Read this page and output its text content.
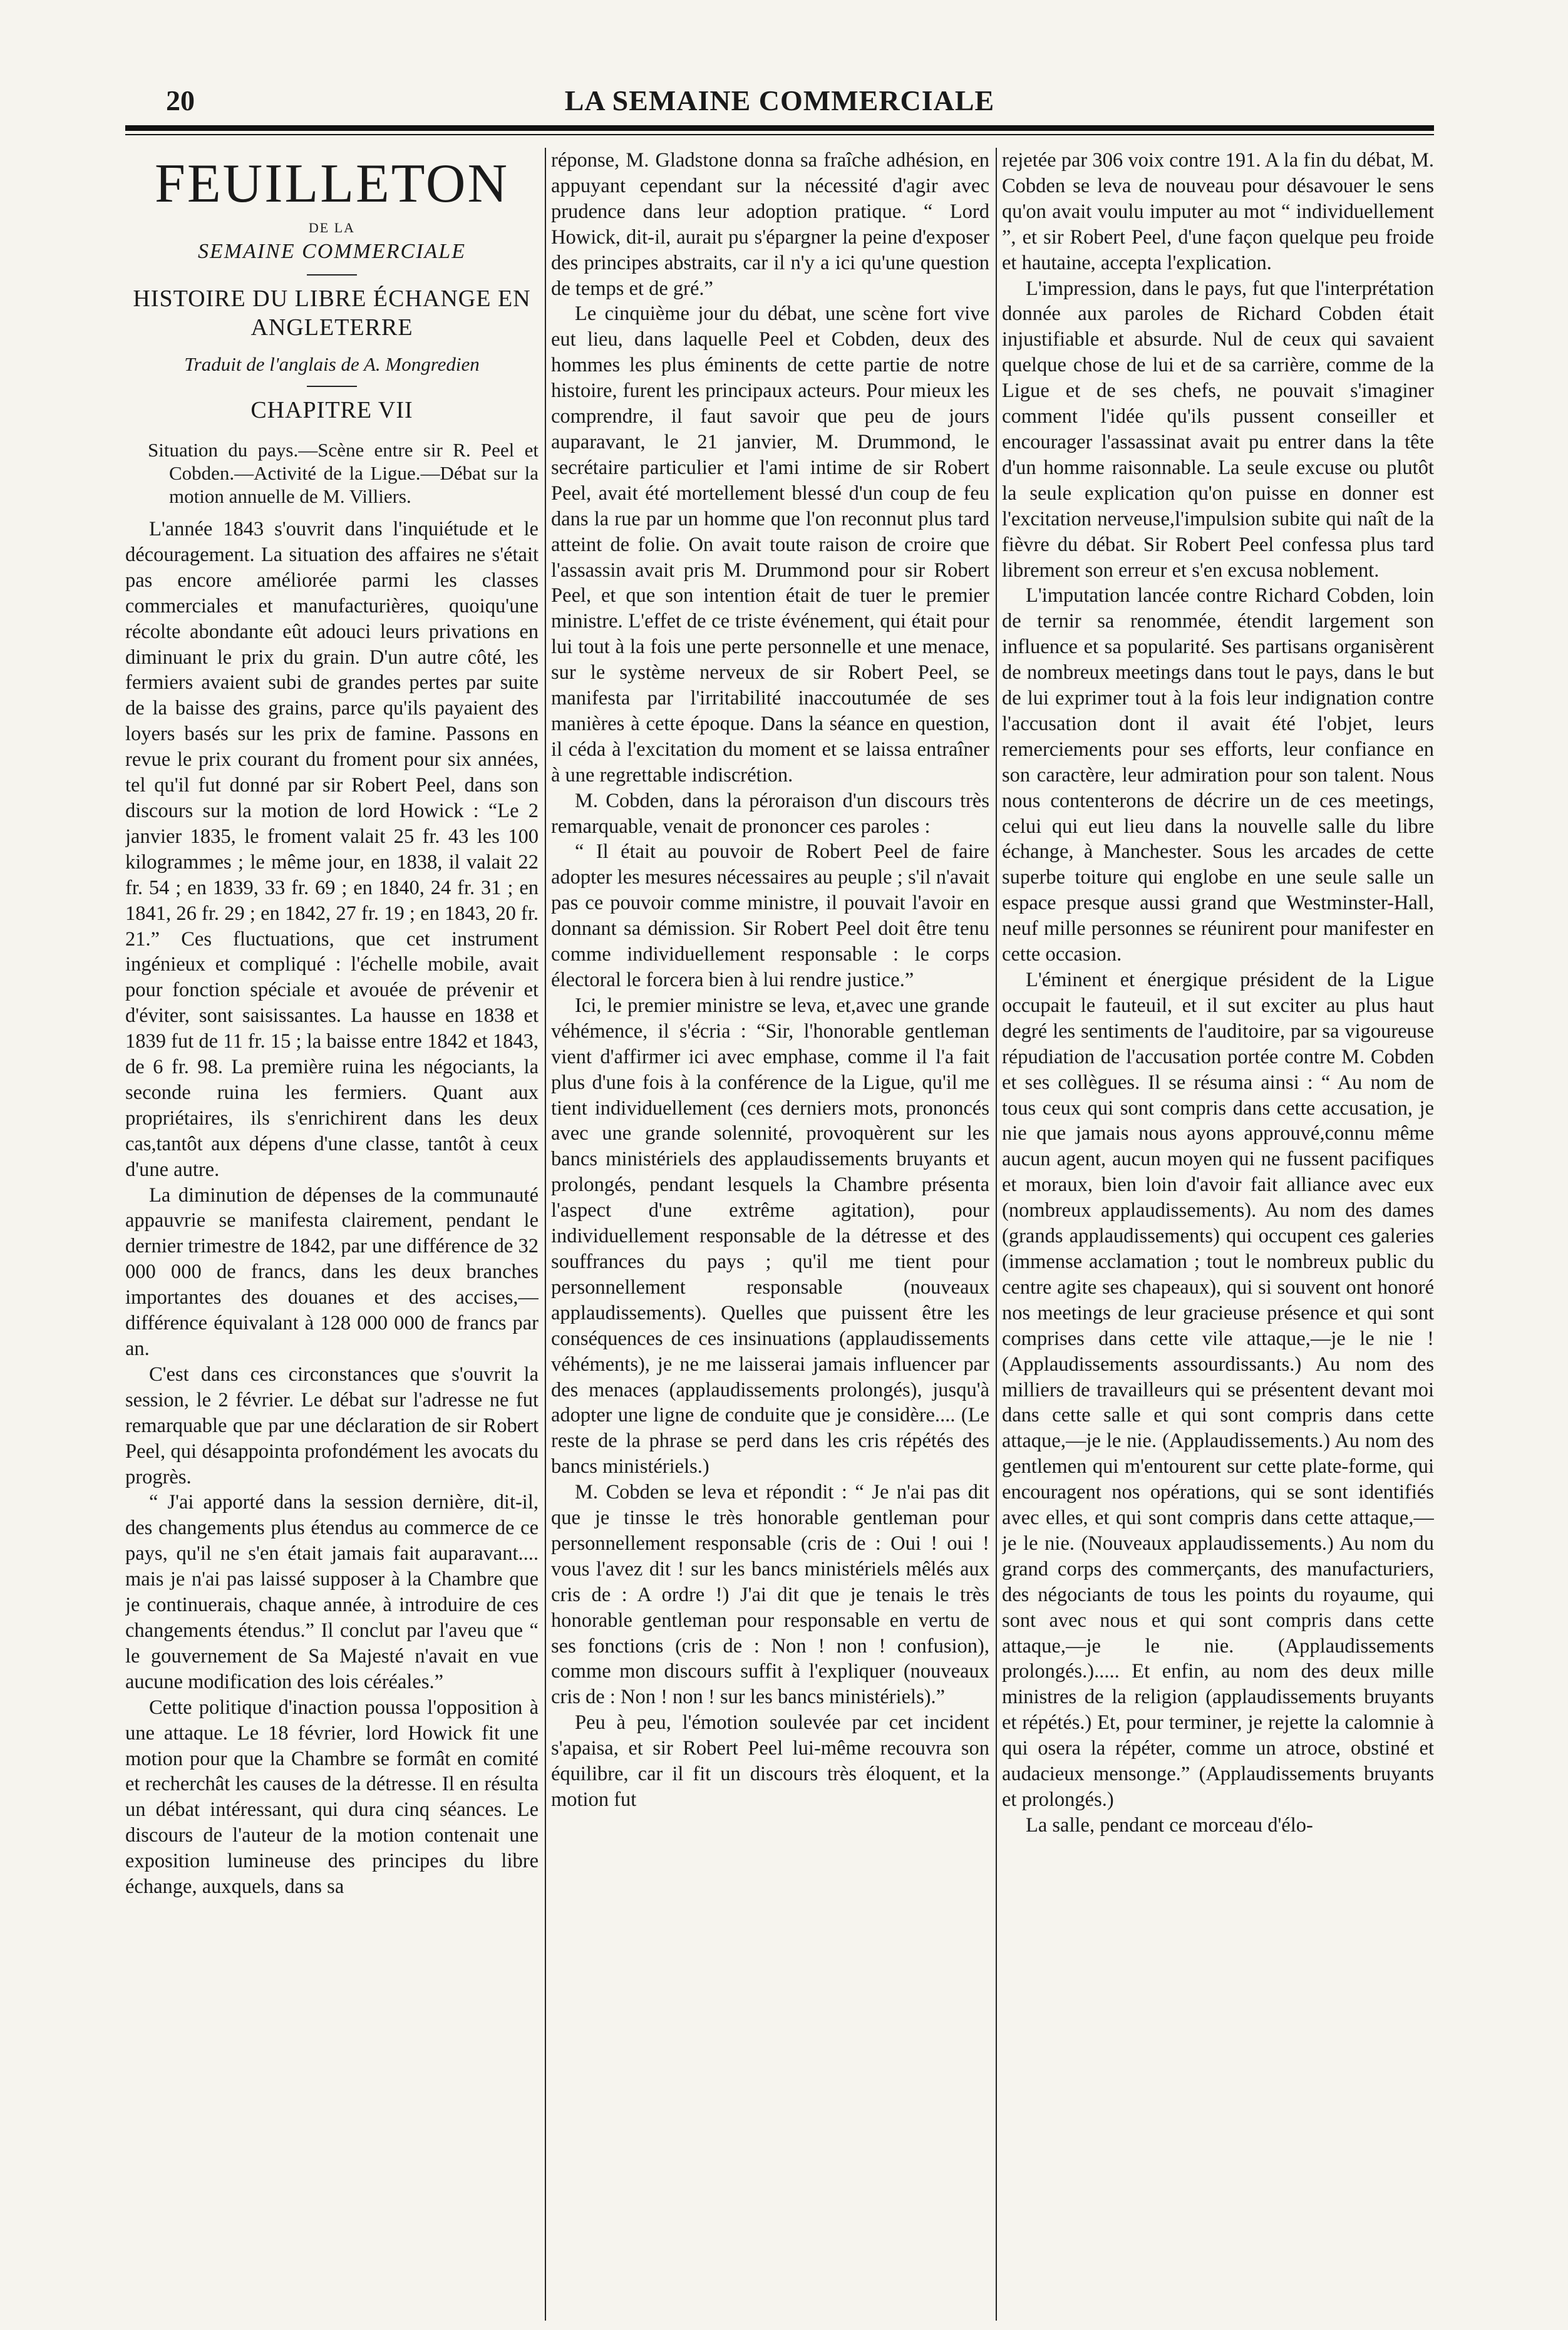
20	LA SEMAINE COMMERCIALE
FEUILLETON
DE LA
SEMAINE COMMERCIALE
HISTOIRE DU LIBRE ÉCHANGE EN ANGLETERRE
Traduit de l'anglais de A. Mongredien
CHAPITRE VII
Situation du pays.—Scène entre sir R. Peel et Cobden.—Activité de la Ligue.—Débat sur la motion annuelle de M. Villiers.

L'année 1843 s'ouvrit dans l'inquiétude et le découragement. La situation des affaires ne s'était pas encore améliorée parmi les classes commerciales et manufacturières, quoiqu'une récolte abondante eût adouci leurs privations en diminuant le prix du grain. D'un autre côté, les fermiers avaient subi de grandes pertes par suite de la baisse des grains, parce qu'ils payaient des loyers basés sur les prix de famine. Passons en revue le prix courant du froment pour six années, tel qu'il fut donné par sir Robert Peel, dans son discours sur la motion de lord Howick : “Le 2 janvier 1835, le froment valait 25 fr. 43 les 100 kilogrammes ; le même jour, en 1838, il valait 22 fr. 54 ; en 1839, 33 fr. 69 ; en 1840, 24 fr. 31 ; en 1841, 26 fr. 29 ; en 1842, 27 fr. 19 ; en 1843, 20 fr. 21.” Ces fluctuations, que cet instrument ingénieux et compliqué : l'échelle mobile, avait pour fonction spéciale et avouée de prévenir et d'éviter, sont saisissantes. La hausse en 1838 et 1839 fut de 11 fr. 15 ; la baisse entre 1842 et 1843, de 6 fr. 98. La première ruina les négociants, la seconde ruina les fermiers. Quant aux propriétaires, ils s'enrichirent dans les deux cas,tantôt aux dépens d'une classe, tantôt à ceux d'une autre.

La diminution de dépenses de la communauté appauvrie se manifesta clairement, pendant le dernier trimestre de 1842, par une différence de 32 000 000 de francs, dans les deux branches importantes des douanes et des accises,—différence équivalant à 128 000 000 de francs par an.

C'est dans ces circonstances que s'ouvrit la session, le 2 février. Le débat sur l'adresse ne fut remarquable que par une déclaration de sir Robert Peel, qui désappointa profondément les avocats du progrès.

“ J'ai apporté dans la session dernière, dit-il, des changements plus étendus au commerce de ce pays, qu'il ne s'en était jamais fait auparavant.... mais je n'ai pas laissé supposer à la Chambre que je continuerais, chaque année, à introduire de ces changements étendus.” Il conclut par l'aveu que “ le gouvernement de Sa Majesté n'avait en vue aucune modification des lois céréales.”

Cette politique d'inaction poussa l'opposition à une attaque. Le 18 février, lord Howick fit une motion pour que la Chambre se formât en comité et recherchât les causes de la détresse. Il en résulta un débat intéressant, qui dura cinq séances. Le discours de l'auteur de la motion contenait une exposition lumineuse des principes du libre échange, auxquels, dans sa

réponse, M. Gladstone donna sa fraîche adhésion, en appuyant cependant sur la nécessité d'agir avec prudence dans leur adoption pratique. “ Lord Howick, dit-il, aurait pu s'épargner la peine d'exposer des principes abstraits, car il n'y a ici qu'une question de temps et de gré.”

Le cinquième jour du débat, une scène fort vive eut lieu, dans laquelle Peel et Cobden, deux des hommes les plus éminents de cette partie de notre histoire, furent les principaux acteurs. Pour mieux les comprendre, il faut savoir que peu de jours auparavant, le 21 janvier, M. Drummond, le secrétaire particulier et l'ami intime de sir Robert Peel, avait été mortellement blessé d'un coup de feu dans la rue par un homme que l'on reconnut plus tard atteint de folie. On avait toute raison de croire que l'assassin avait pris M. Drummond pour sir Robert Peel, et que son intention était de tuer le premier ministre. L'effet de ce triste événement, qui était pour lui tout à la fois une perte personnelle et une menace, sur le système nerveux de sir Robert Peel, se manifesta par l'irritabilité inaccoutumée de ses manières à cette époque. Dans la séance en question, il céda à l'excitation du moment et se laissa entraîner à une regrettable indiscrétion.

M. Cobden, dans la péroraison d'un discours très remarquable, venait de prononcer ces paroles :

“ Il était au pouvoir de Robert Peel de faire adopter les mesures nécessaires au peuple ; s'il n'avait pas ce pouvoir comme ministre, il pouvait l'avoir en donnant sa démission. Sir Robert Peel doit être tenu comme individuellement responsable : le corps électoral le forcera bien à lui rendre justice.”

Ici, le premier ministre se leva, et,avec une grande véhémence, il s'écria : “Sir, l'honorable gentleman vient d'affirmer ici avec emphase, comme il l'a fait plus d'une fois à la conférence de la Ligue, qu'il me tient individuellement (ces derniers mots, prononcés avec une grande solennité, provoquèrent sur les bancs ministériels des applaudissements bruyants et prolongés, pendant lesquels la Chambre présenta l'aspect d'une extrême agitation), pour individuellement responsable de la détresse et des souffrances du pays ; qu'il me tient pour personnellement responsable (nouveaux applaudissements). Quelles que puissent être les conséquences de ces insinuations (applaudissements véhéments), je ne me laisserai jamais influencer par des menaces (applaudissements prolongés), jusqu'à adopter une ligne de conduite que je considère.... (Le reste de la phrase se perd dans les cris répétés des bancs ministériels.)

M. Cobden se leva et répondit : “ Je n'ai pas dit que je tinsse le très honorable gentleman pour personnellement responsable (cris de : Oui ! oui ! vous l'avez dit ! sur les bancs ministériels mêlés aux cris de : A ordre !) J'ai dit que je tenais le très honorable gentleman pour responsable en vertu de ses fonctions (cris de : Non ! non ! confusion), comme mon discours suffit à l'expliquer (nouveaux cris de : Non ! non ! sur les bancs ministériels).”

Peu à peu, l'émotion soulevée par cet incident s'apaisa, et sir Robert Peel lui-même recouvra son équilibre, car il fit un discours très éloquent, et la motion fut

rejetée par 306 voix contre 191. A la fin du débat, M. Cobden se leva de nouveau pour désavouer le sens qu'on avait voulu imputer au mot “ individuellement ”, et sir Robert Peel, d'une façon quelque peu froide et hautaine, accepta l'explication.

L'impression, dans le pays, fut que l'interprétation donnée aux paroles de Richard Cobden était injustifiable et absurde. Nul de ceux qui savaient quelque chose de lui et de sa carrière, comme de la Ligue et de ses chefs, ne pouvait s'imaginer comment l'idée qu'ils pussent conseiller et encourager l'assassinat avait pu entrer dans la tête d'un homme raisonnable. La seule excuse ou plutôt la seule explication qu'on puisse en donner est l'excitation nerveuse,l'impulsion subite qui naît de la fièvre du débat. Sir Robert Peel confessa plus tard librement son erreur et s'en excusa noblement.

L'imputation lancée contre Richard Cobden, loin de ternir sa renommée, étendit largement son influence et sa popularité. Ses partisans organisèrent de nombreux meetings dans tout le pays, dans le but de lui exprimer tout à la fois leur indignation contre l'accusation dont il avait été l'objet, leurs remerciements pour ses efforts, leur confiance en son caractère, leur admiration pour son talent. Nous nous contenterons de décrire un de ces meetings, celui qui eut lieu dans la nouvelle salle du libre échange, à Manchester. Sous les arcades de cette superbe toiture qui englobe en une seule salle un espace presque aussi grand que Westminster-Hall, neuf mille personnes se réunirent pour manifester en cette occasion.

L'éminent et énergique président de la Ligue occupait le fauteuil, et il sut exciter au plus haut degré les sentiments de l'auditoire, par sa vigoureuse répudiation de l'accusation portée contre M. Cobden et ses collègues. Il se résuma ainsi : “ Au nom de tous ceux qui sont compris dans cette accusation, je nie que jamais nous ayons approuvé,connu même aucun agent, aucun moyen qui ne fussent pacifiques et moraux, bien loin d'avoir fait alliance avec eux (nombreux applaudissements). Au nom des dames (grands applaudissements) qui occupent ces galeries (immense acclamation ; tout le nombreux public du centre agite ses chapeaux), qui si souvent ont honoré nos meetings de leur gracieuse présence et qui sont comprises dans cette vile attaque,—je le nie ! (Applaudissements assourdissants.) Au nom des milliers de travailleurs qui se présentent devant moi dans cette salle et qui sont compris dans cette attaque,—je le nie. (Applaudissements.) Au nom des gentlemen qui m'entourent sur cette plate-forme, qui encouragent nos opérations, qui se sont identifiés avec elles, et qui sont compris dans cette attaque,—je le nie. (Nouveaux applaudissements.) Au nom du grand corps des commerçants, des manufacturiers, des négociants de tous les points du royaume, qui sont avec nous et qui sont compris dans cette attaque,—je le nie. (Applaudissements prolongés.)..... Et enfin, au nom des deux mille ministres de la religion (applaudissements bruyants et répétés.) Et, pour terminer, je rejette la calomnie à qui osera la répéter, comme un atroce, obstiné et audacieux mensonge.” (Applaudissements bruyants et prolongés.)

La salle, pendant ce morceau d'élo-
